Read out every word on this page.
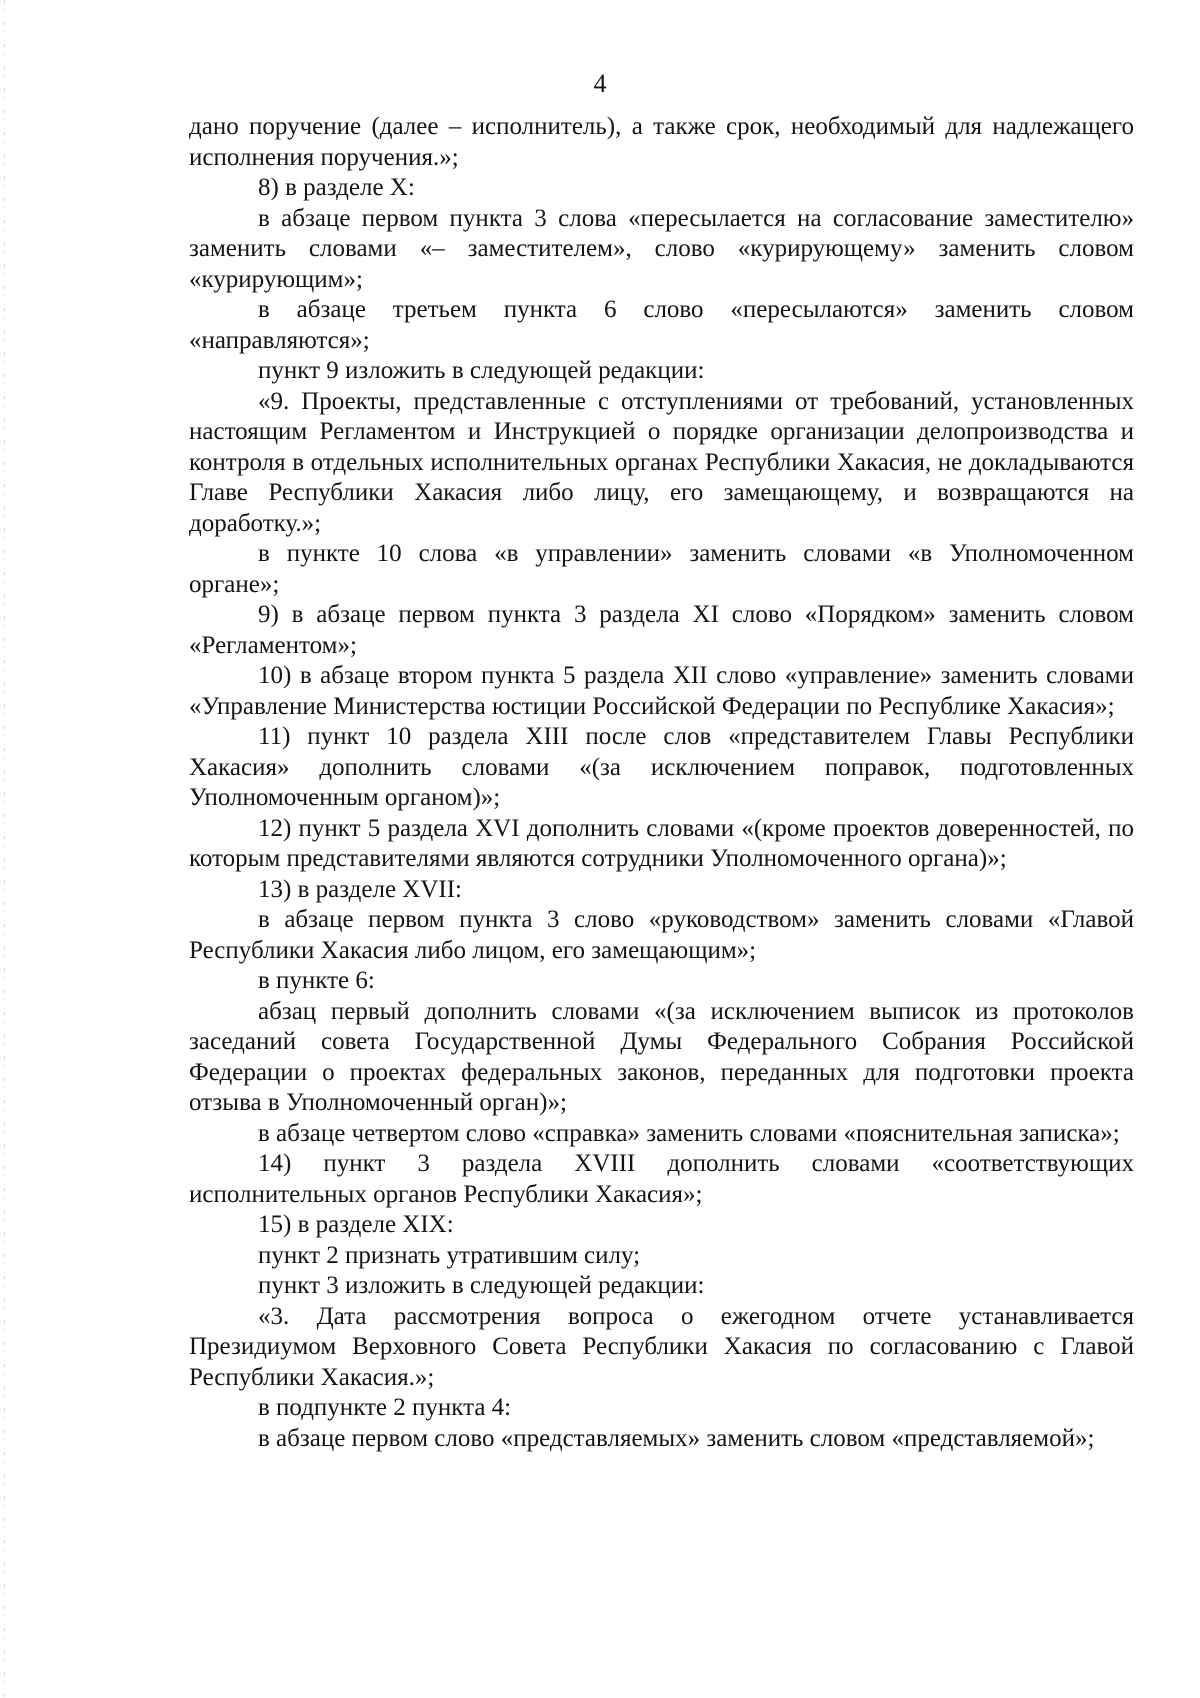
4

дано поручение (далее – исполнитель), а также срок, необходимый для надлежащего исполнения поручения.»;

8) в разделе X:

в абзаце первом пункта 3 слова «пересылается на согласование заместителю» заменить словами «– заместителем», слово «курирующему» заменить словом «курирующим»;

в абзаце третьем пункта 6 слово «пересылаются» заменить словом «направляются»;

пункт 9 изложить в следующей редакции:

«9. Проекты, представленные с отступлениями от требований, установленных настоящим Регламентом и Инструкцией о порядке организации делопроизводства и контроля в отдельных исполнительных органах Республики Хакасия, не докладываются Главе Республики Хакасия либо лицу, его замещающему, и возвращаются на доработку.»;

в пункте 10 слова «в управлении» заменить словами «в Уполномоченном органе»;

9) в абзаце первом пункта 3 раздела XI слово «Порядком» заменить словом «Регламентом»;

10) в абзаце втором пункта 5 раздела XII слово «управление» заменить словами «Управление Министерства юстиции Российской Федерации по Республике Хакасия»;

11) пункт 10 раздела XIII после слов «представителем Главы Республики Хакасия» дополнить словами «(за исключением поправок, подготовленных Уполномоченным органом)»;

12) пункт 5 раздела XVI дополнить словами «(кроме проектов доверенностей, по которым представителями являются сотрудники Уполномоченного органа)»;

13) в разделе XVII:

в абзаце первом пункта 3 слово «руководством» заменить словами «Главой Республики Хакасия либо лицом, его замещающим»;

в пункте 6:

абзац первый дополнить словами «(за исключением выписок из протоколов заседаний совета Государственной Думы Федерального Собрания Российской Федерации о проектах федеральных законов, переданных для подготовки проекта отзыва в Уполномоченный орган)»;

в абзаце четвертом слово «справка» заменить словами «пояснительная записка»;

14) пункт 3 раздела XVIII дополнить словами «соответствующих исполнительных органов Республики Хакасия»;

15) в разделе XIX:

пункт 2 признать утратившим силу;

пункт 3 изложить в следующей редакции:

«3. Дата рассмотрения вопроса о ежегодном отчете устанавливается Президиумом Верховного Совета Республики Хакасия по согласованию с Главой Республики Хакасия.»;

в подпункте 2 пункта 4:

в абзаце первом слово «представляемых» заменить словом «представляемой»;
